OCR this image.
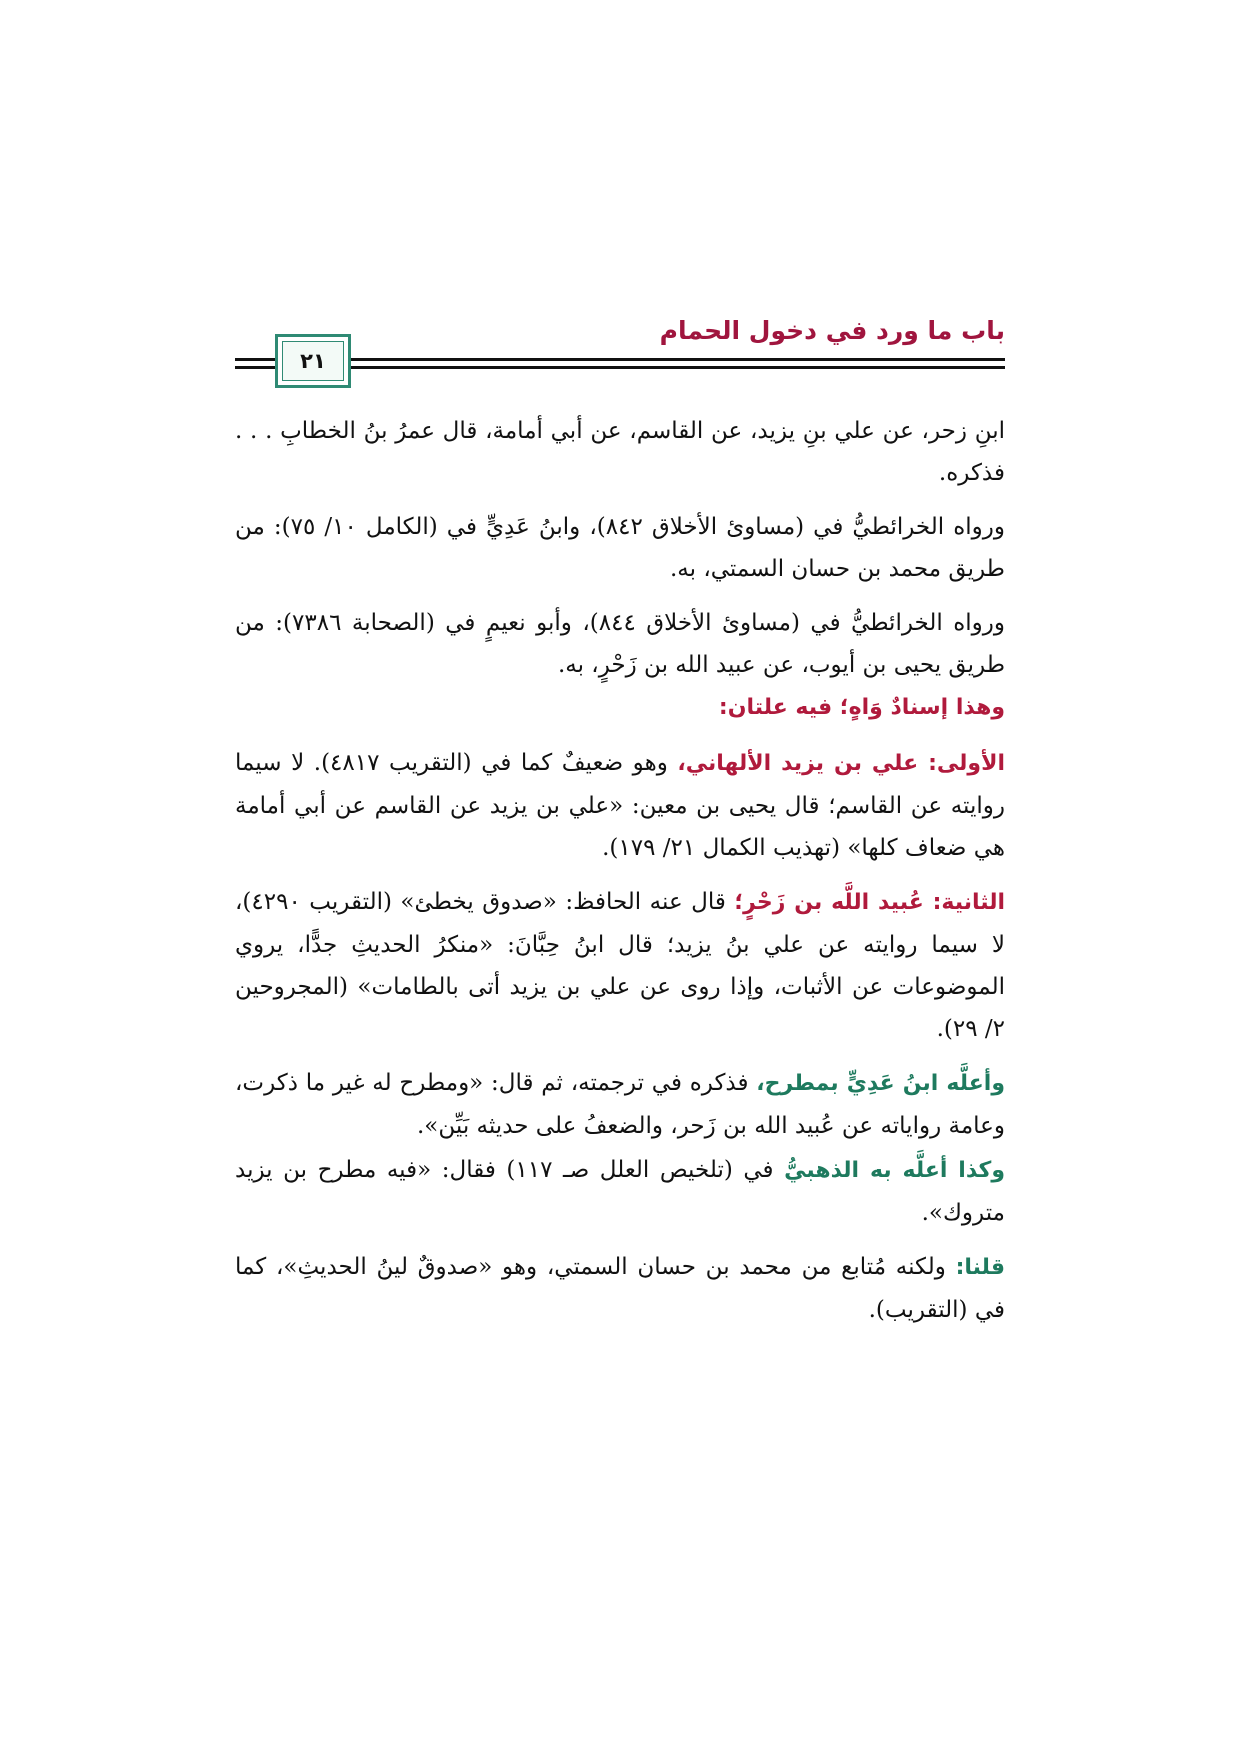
باب ما ورد في دخول الحمام
٢١

ابنِ زحر، عن علي بنِ يزيد، عن القاسم، عن أبي أمامة، قال عمرُ بنُ الخطابِ . . . فذكره.

ورواه الخرائطيُّ في (مساوئ الأخلاق ٨٤٢)، وابنُ عَدِيٍّ في (الكامل ١٠/ ٧٥): من طريق محمد بن حسان السمتي، به.

ورواه الخرائطيُّ في (مساوئ الأخلاق ٨٤٤)، وأبو نعيمٍ في (الصحابة ٧٣٨٦): من طريق يحيى بن أيوب، عن عبيد الله بن زَحْرٍ، به.

وهذا إسنادٌ وَاهٍ؛ فيه علتان:

الأولى: علي بن يزيد الألهاني، وهو ضعيفٌ كما في (التقريب ٤٨١٧). لا سيما روايته عن القاسم؛ قال يحيى بن معين: «علي بن يزيد عن القاسم عن أبي أمامة هي ضعاف كلها» (تهذيب الكمال ٢١/ ١٧٩).

الثانية: عُبيد اللَّه بن زَحْرٍ؛ قال عنه الحافظ: «صدوق يخطئ» (التقريب ٤٢٩٠)، لا سيما روايته عن علي بنُ يزيد؛ قال ابنُ حِبَّانَ: «منكرُ الحديثِ جدًّا، يروي الموضوعات عن الأثبات، وإذا روى عن علي بن يزيد أتى بالطامات» (المجروحين ٢/ ٢٩).

وأعلَّه ابنُ عَدِيٍّ بمطرح، فذكره في ترجمته، ثم قال: «ومطرح له غير ما ذكرت، وعامة رواياته عن عُبيد الله بن زَحر، والضعفُ على حديثه بَيِّن».

وكذا أعلَّه به الذهبيُّ في (تلخيص العلل صـ ١١٧) فقال: «فيه مطرح بن يزيد متروك».

قلنا: ولكنه مُتابع من محمد بن حسان السمتي، وهو «صدوقٌ لينُ الحديثِ»، كما في (التقريب).
